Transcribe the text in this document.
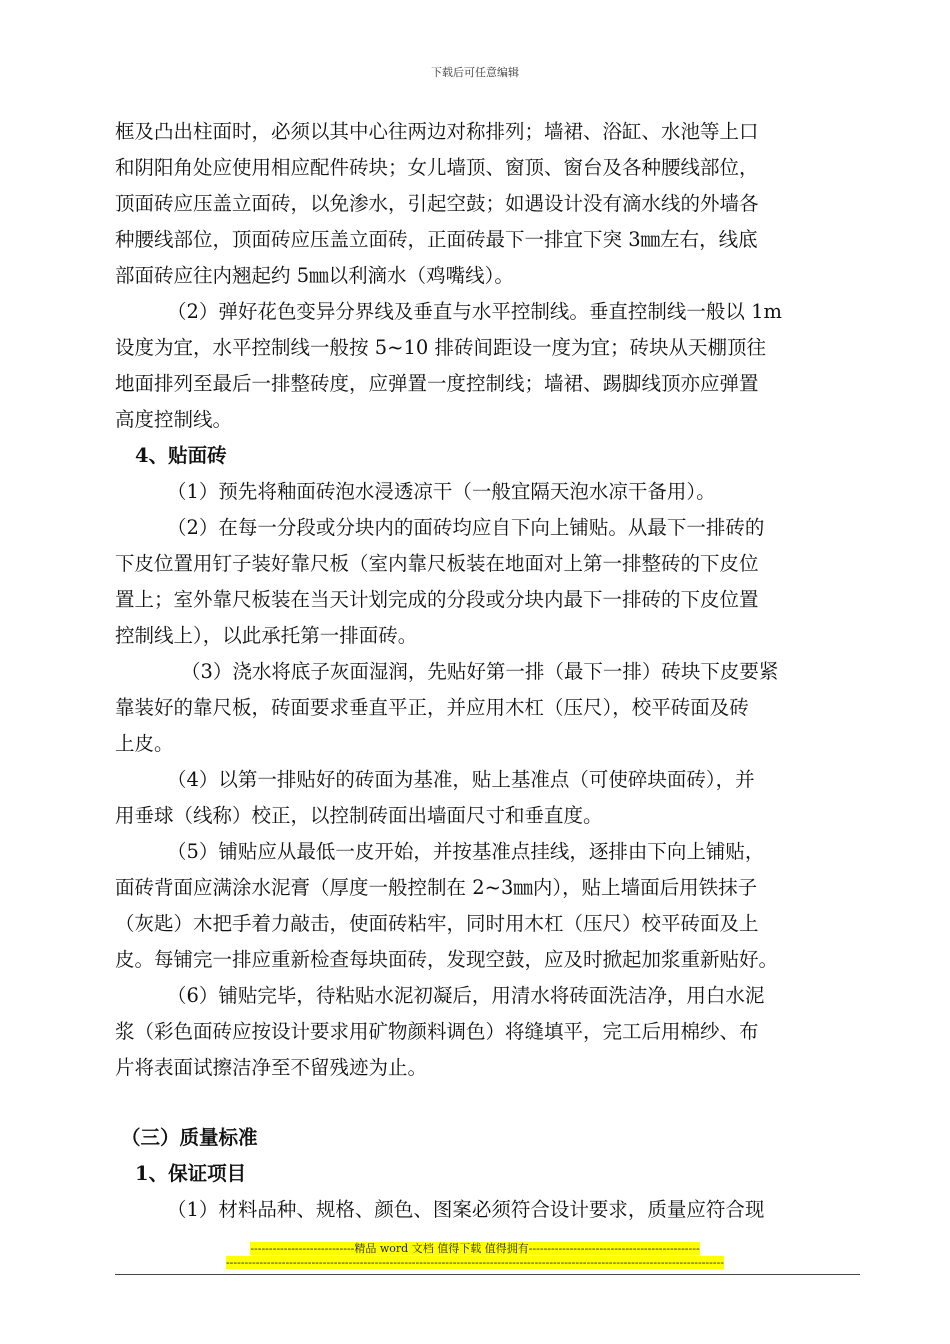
下载后可任意编辑
框及凸出柱面时，必须以其中心往两边对称排列；墙裙、浴缸、水池等上口
和阴阳角处应使用相应配件砖块；女儿墙顶、窗顶、窗台及各种腰线部位，
顶面砖应压盖立面砖，以免渗水，引起空鼓；如遇设计没有滴水线的外墙各
种腰线部位，顶面砖应压盖立面砖，正面砖最下一排宜下突 3㎜左右，线底
部面砖应往内翘起约 5㎜以利滴水（鸡嘴线）。
（2）弹好花色变异分界线及垂直与水平控制线。垂直控制线一般以 1m
设度为宜，水平控制线一般按 5~10 排砖间距设一度为宜；砖块从天棚顶往
地面排列至最后一排整砖度，应弹置一度控制线；墙裙、踢脚线顶亦应弹置
高度控制线。
4、贴面砖
（1）预先将釉面砖泡水浸透凉干（一般宜隔天泡水凉干备用）。
（2）在每一分段或分块内的面砖均应自下向上铺贴。从最下一排砖的
下皮位置用钉子装好靠尺板（室内靠尺板装在地面对上第一排整砖的下皮位
置上；室外靠尺板装在当天计划完成的分段或分块内最下一排砖的下皮位置
控制线上），以此承托第一排面砖。
（3）浇水将底子灰面湿润，先贴好第一排（最下一排）砖块下皮要紧
靠装好的靠尺板，砖面要求垂直平正，并应用木杠（压尺），校平砖面及砖
上皮。
（4）以第一排贴好的砖面为基准，贴上基准点（可使碎块面砖），并
用垂球（线称）校正，以控制砖面出墙面尺寸和垂直度。
（5）铺贴应从最低一皮开始，并按基准点挂线，逐排由下向上铺贴，
面砖背面应满涂水泥膏（厚度一般控制在 2~3㎜内），贴上墙面后用铁抹子
（灰匙）木把手着力敲击，使面砖粘牢，同时用木杠（压尺）校平砖面及上
皮。每铺完一排应重新检查每块面砖，发现空鼓，应及时掀起加浆重新贴好。
（6）铺贴完毕，待粘贴水泥初凝后，用清水将砖面洗洁净，用白水泥
浆（彩色面砖应按设计要求用矿物颜料调色）将缝填平，完工后用棉纱、布
片将表面试擦洁净至不留残迹为止。
（三）质量标准
1、保证项目
（1）材料品种、规格、颜色、图案必须符合设计要求，质量应符合现
----------------------------精品 word 文档 值得下载 值得拥有----------------------------------------------
--------------------------------------------------------------------------------------------------------------------------------------
